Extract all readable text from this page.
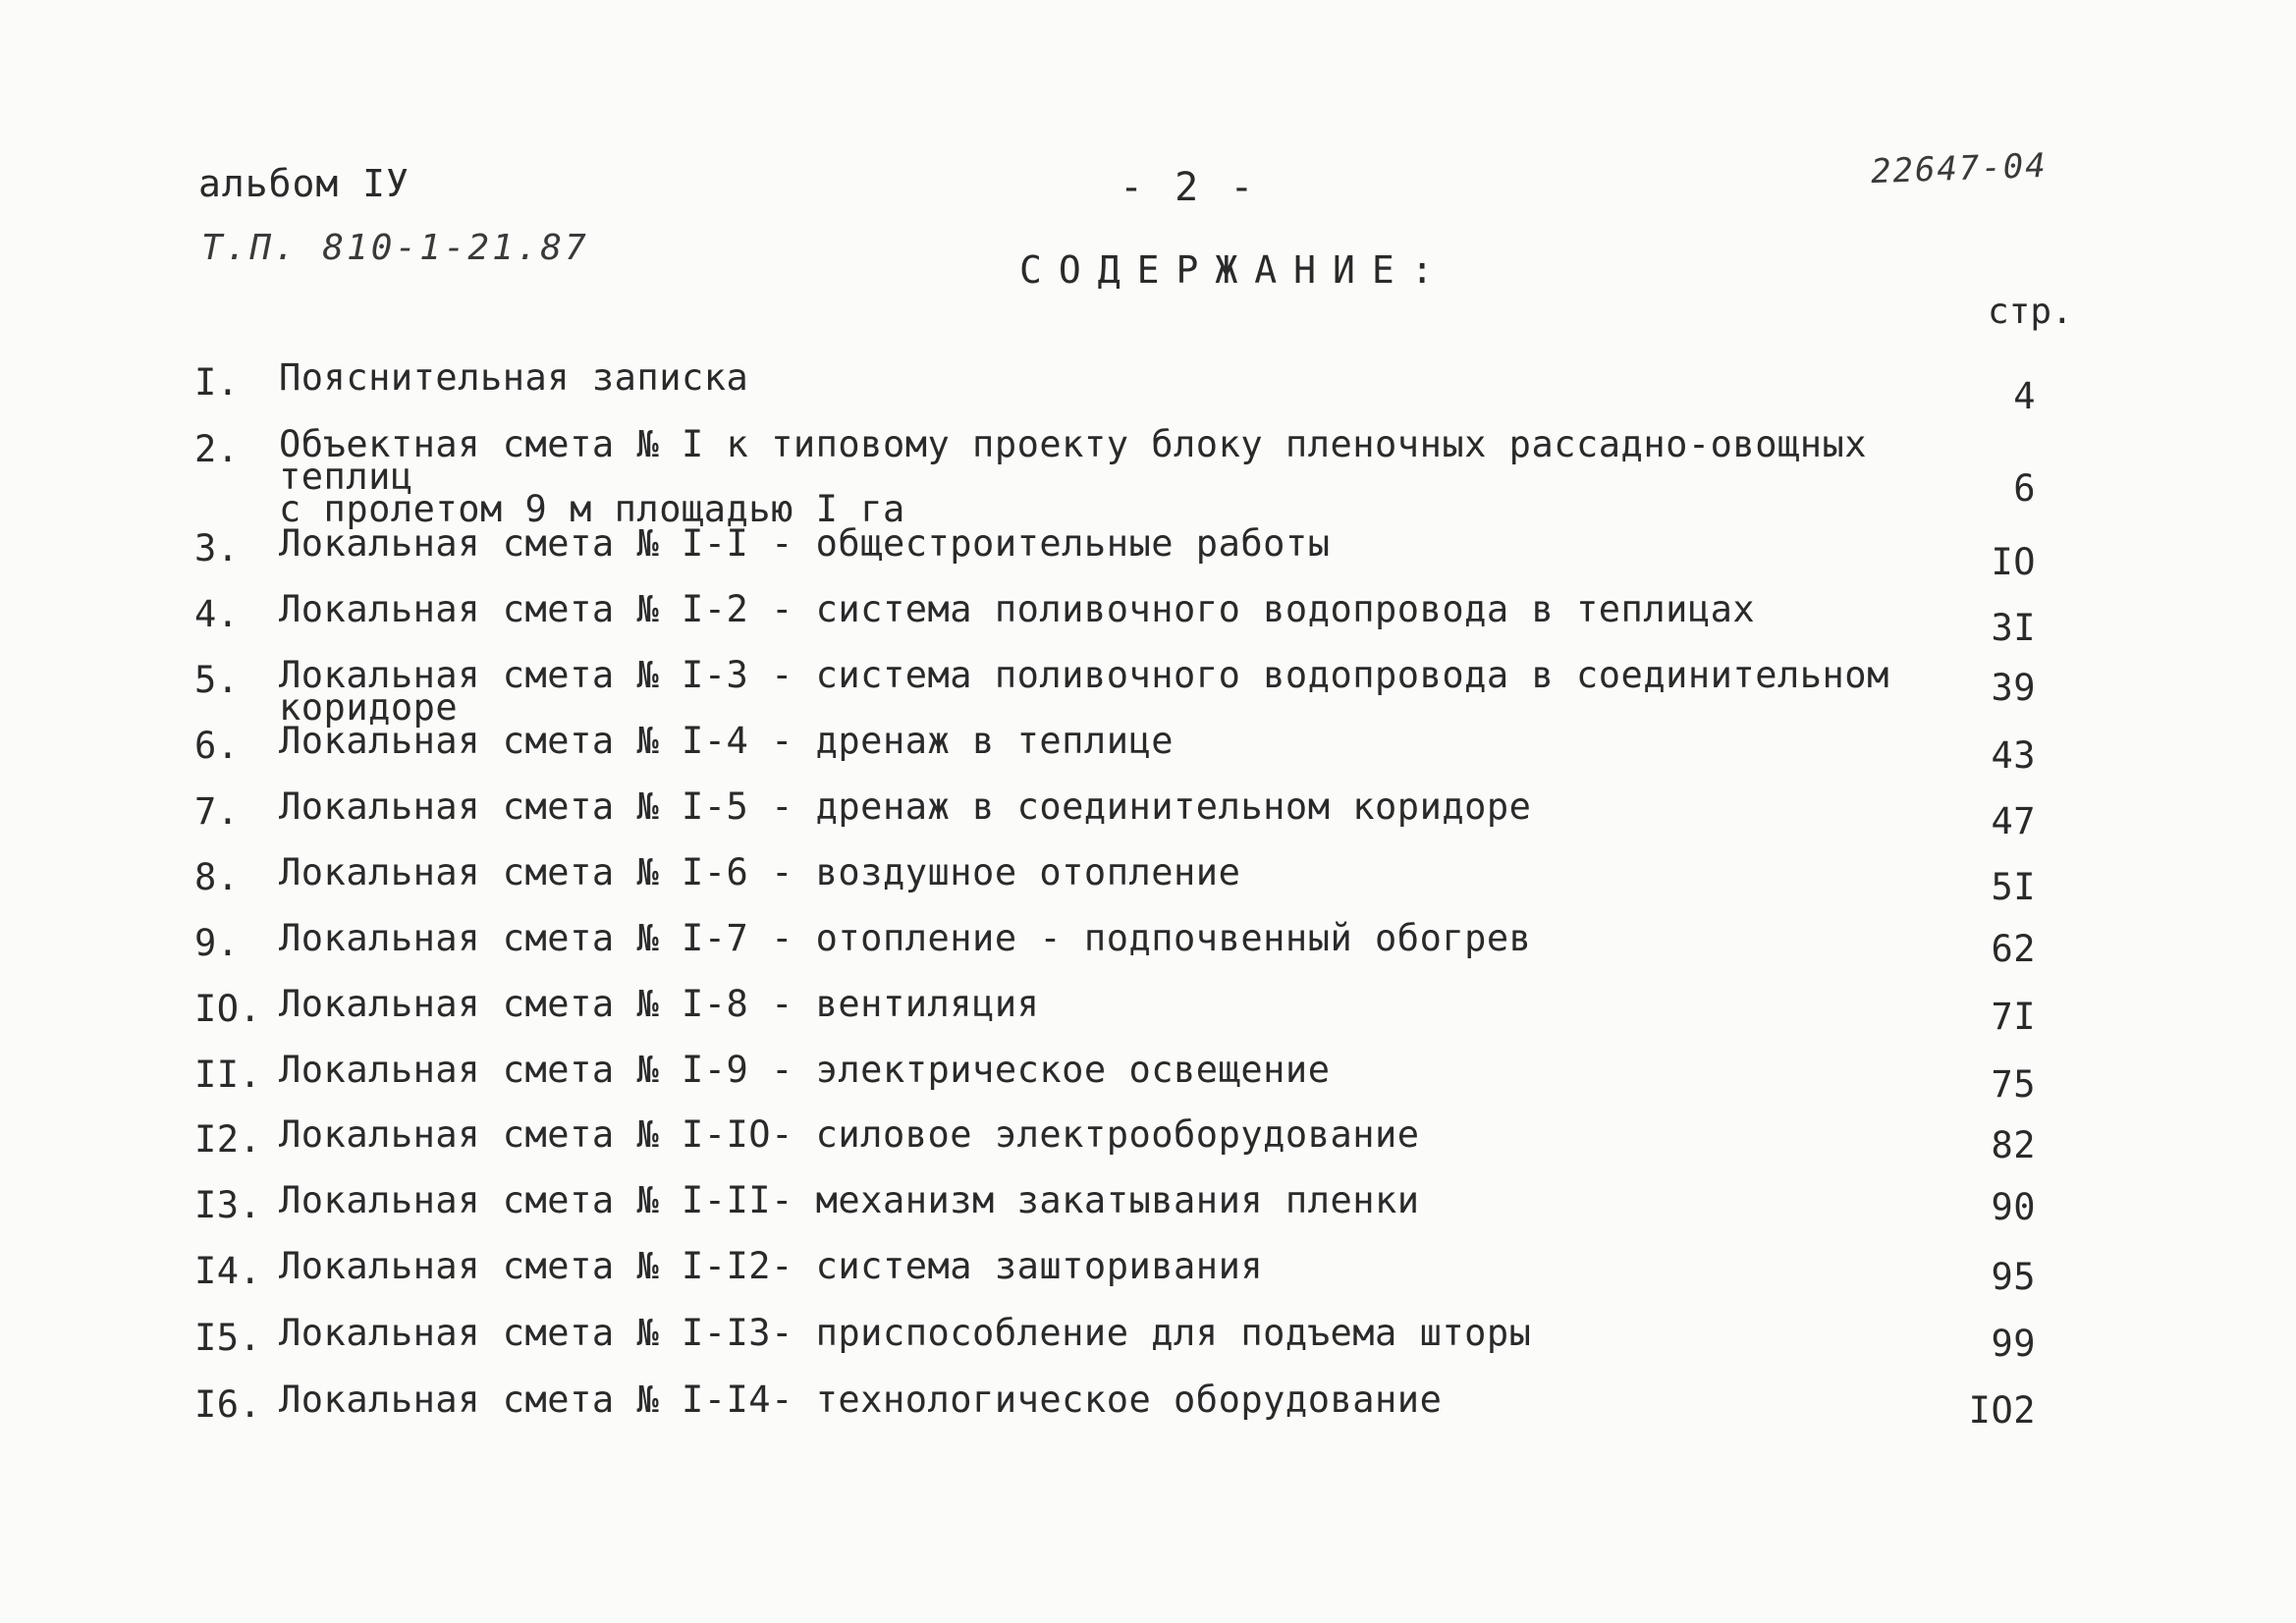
альбом IУ	- 2 -	22647-04
Т.П. 810-1-21.87
СОДЕРЖАНИЕ:
стр.
I.	Пояснительная записка	4
2.	Объектная смета № I к типовому проекту блоку пленочных рассадно-овощных теплиц
с пролетом 9 м площадью I га	6
3.	Локальная смета № I-I - общестроительные работы	IO
4.	Локальная смета № I-2 - система поливочного водопровода в теплицах	3I
5.	Локальная смета № I-3 - система поливочного водопровода в соединительном коридоре	39
6.	Локальная смета № I-4 - дренаж в теплице	43
7.	Локальная смета № I-5 - дренаж в соединительном коридоре	47
8.	Локальная смета № I-6 - воздушное отопление	5I
9.	Локальная смета № I-7 - отопление - подпочвенный обогрев	62
IO. Локальная смета № I-8 - вентиляция	7I
II. Локальная смета № I-9 - электрическое освещение	75
I2. Локальная смета № I-IO- силовое электрооборудование	82
I3. Локальная смета № I-II- механизм закатывания пленки	90
I4. Локальная смета № I-I2- система зашторивания	95
I5. Локальная смета № I-I3- приспособление для подъема шторы	99
I6. Локальная смета № I-I4- технологическое оборудование	IO2
